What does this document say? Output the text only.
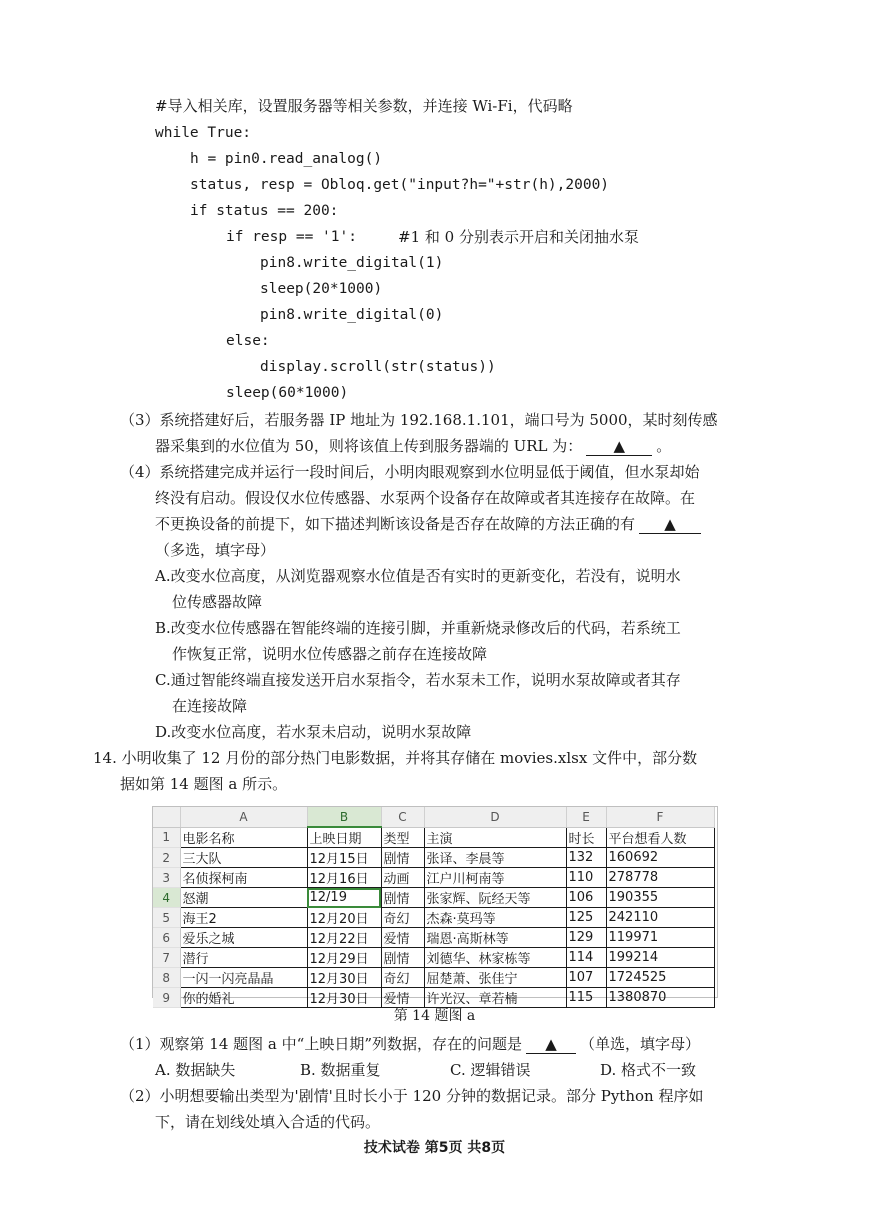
#导入相关库，设置服务器等相关参数，并连接 Wi-Fi，代码略
while True:
h = pin0.read_analog()
status, resp = Obloq.get("input?h="+str(h),2000)
if status == 200:
if resp == '1':	#1 和 0 分别表示开启和关闭抽水泵
pin8.write_digital(1)
sleep(20*1000)
pin8.write_digital(0)
else:
display.scroll(str(status))
sleep(60*1000)
（3）系统搭建好后，若服务器 IP 地址为 192.168.1.101，端口号为 5000，某时刻传感
器采集到的水位值为 50，则将该值上传到服务器端的 URL 为： ▲ 。
（4）系统搭建完成并运行一段时间后，小明肉眼观察到水位明显低于阈值，但水泵却始
终没有启动。假设仅水位传感器、水泵两个设备存在故障或者其连接存在故障。在
不更换设备的前提下，如下描述判断该设备是否存在故障的方法正确的有 ▲
（多选，填字母）
A.改变水位高度，从浏览器观察水位值是否有实时的更新变化，若没有，说明水
位传感器故障
B.改变水位传感器在智能终端的连接引脚，并重新烧录修改后的代码，若系统工
作恢复正常，说明水位传感器之前存在连接故障
C.通过智能终端直接发送开启水泵指令，若水泵未工作，说明水泵故障或者其存
在连接故障
D.改变水位高度，若水泵未启动，说明水泵故障
14. 小明收集了 12 月份的部分热门电影数据，并将其存储在 movies.xlsx 文件中，部分数
据如第 14 题图 a 所示。
	A	B	C	D	E	F
1	电影名称	上映日期	类型	主演	时长	平台想看人数
2	三大队	12月15日	剧情	张译、李晨等	132	160692
3	名侦探柯南	12月16日	动画	江户川柯南等	110	278778
4	怒潮	12/19	剧情	张家辉、阮经天等	106	190355
5	海王2	12月20日	奇幻	杰森·莫玛等	125	242110
6	爱乐之城	12月22日	爱情	瑞恩·高斯林等	129	119971
7	潜行	12月29日	剧情	刘德华、林家栋等	114	199214
8	一闪一闪亮晶晶	12月30日	奇幻	屈楚萧、张佳宁	107	1724525
9	你的婚礼	12月30日	爱情	许光汉、章若楠	115	1380870
第 14 题图 a
（1）观察第 14 题图 a 中“上映日期”列数据，存在的问题是 ▲ （单选，填字母）
A. 数据缺失	B. 数据重复	C. 逻辑错误	D. 格式不一致
（2）小明想要输出类型为'剧情'且时长小于 120 分钟的数据记录。部分 Python 程序如
下，请在划线处填入合适的代码。
技术试卷 第5页 共8页
